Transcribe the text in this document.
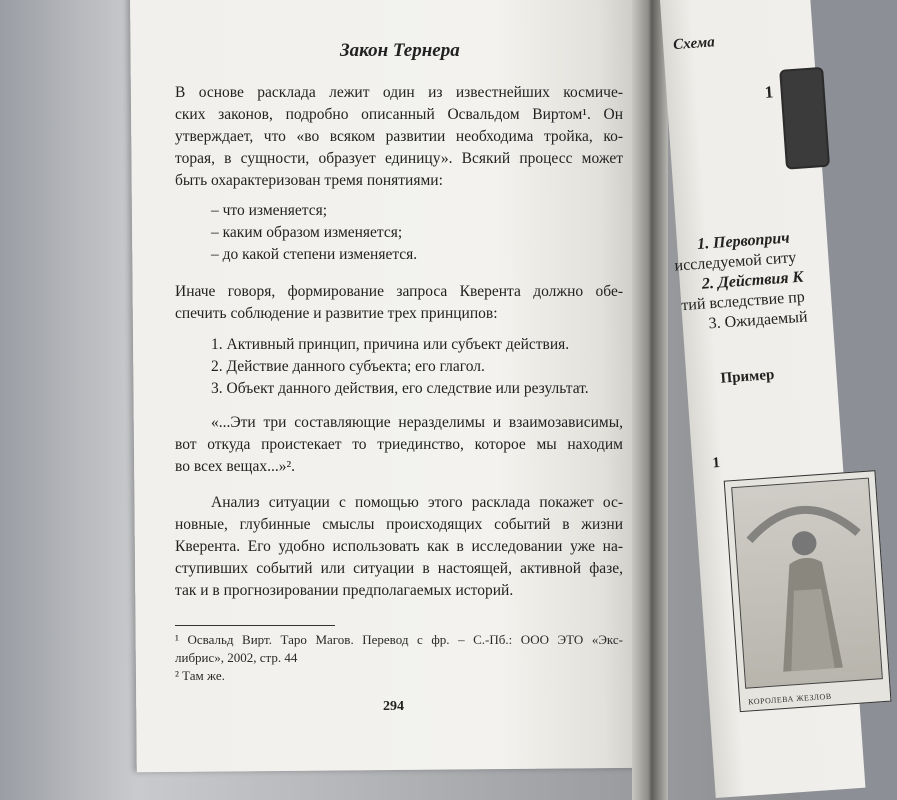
Схема
1
1. Первоприч
исследуемой ситу
2. Действия К
тий вследствие пр
3. Ожидаемый
Пример
1
КОРОЛЕВА ЖЕЗЛОВ
Закон Тернера
В основе расклада лежит один из известнейших космиче-
ских законов, подробно описанный Освальдом Виртом¹. Он
утверждает, что «во всяком развитии необходима тройка, ко-
торая, в сущности, образует единицу». Всякий процесс может
быть охарактеризован тремя понятиями:
– что изменяется;
– каким образом изменяется;
– до какой степени изменяется.
Иначе говоря, формирование запроса Кверента должно обе-
спечить соблюдение и развитие трех принципов:
1. Активный принцип, причина или субъект действия.
2. Действие данного субъекта; его глагол.
3. Объект данного действия, его следствие или результат.
«...Эти три составляющие неразделимы и взаимозависимы,
вот откуда проистекает то триединство, которое мы находим
во всех вещах...»².
Анализ ситуации с помощью этого расклада покажет ос-
новные, глубинные смыслы происходящих событий в жизни
Кверента. Его удобно использовать как в исследовании уже на-
ступивших событий или ситуации в настоящей, активной фазе,
так и в прогнозировании предполагаемых историй.
¹ Освальд Вирт. Таро Магов. Перевод с фр. – С.-Пб.: ООО ЭТО «Экс-
либрис», 2002, стр. 44
² Там же.
294
